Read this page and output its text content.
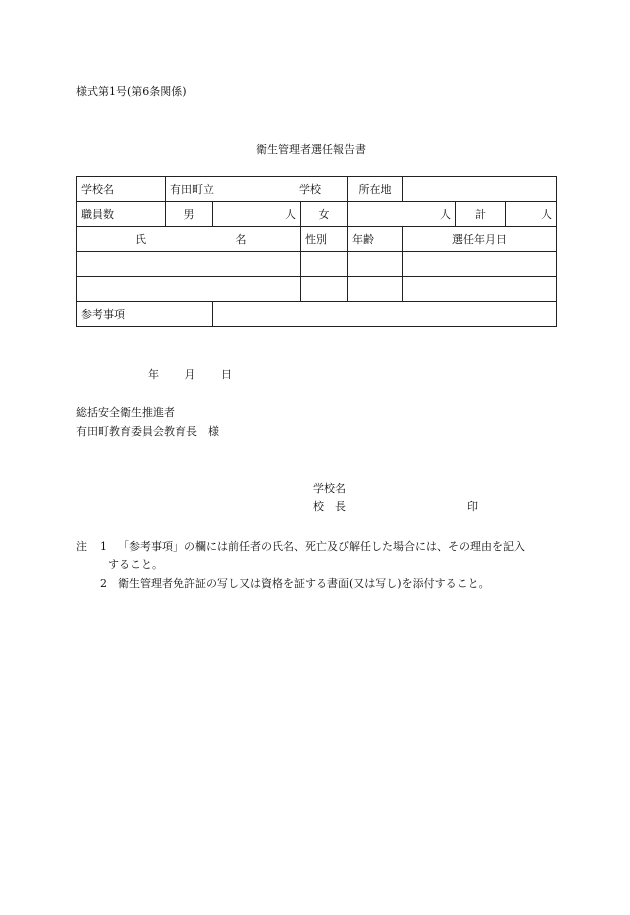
様式第1号(第6条関係)
衛生管理者選任報告書
学校名	有田町立 学校			所在地			
職員数	男	人	女	人		計	人
氏 名			性別	年齢	選任年月日		

参考事項							
年 月 日
総括安全衛生推進者
有田町教育委員会教育長　様
学校名
校　長	印
注 1 「参考事項」の欄には前任者の氏名、死亡及び解任した場合には、その理由を記入
すること。
2 衛生管理者免許証の写し又は資格を証する書面(又は写し)を添付すること。
